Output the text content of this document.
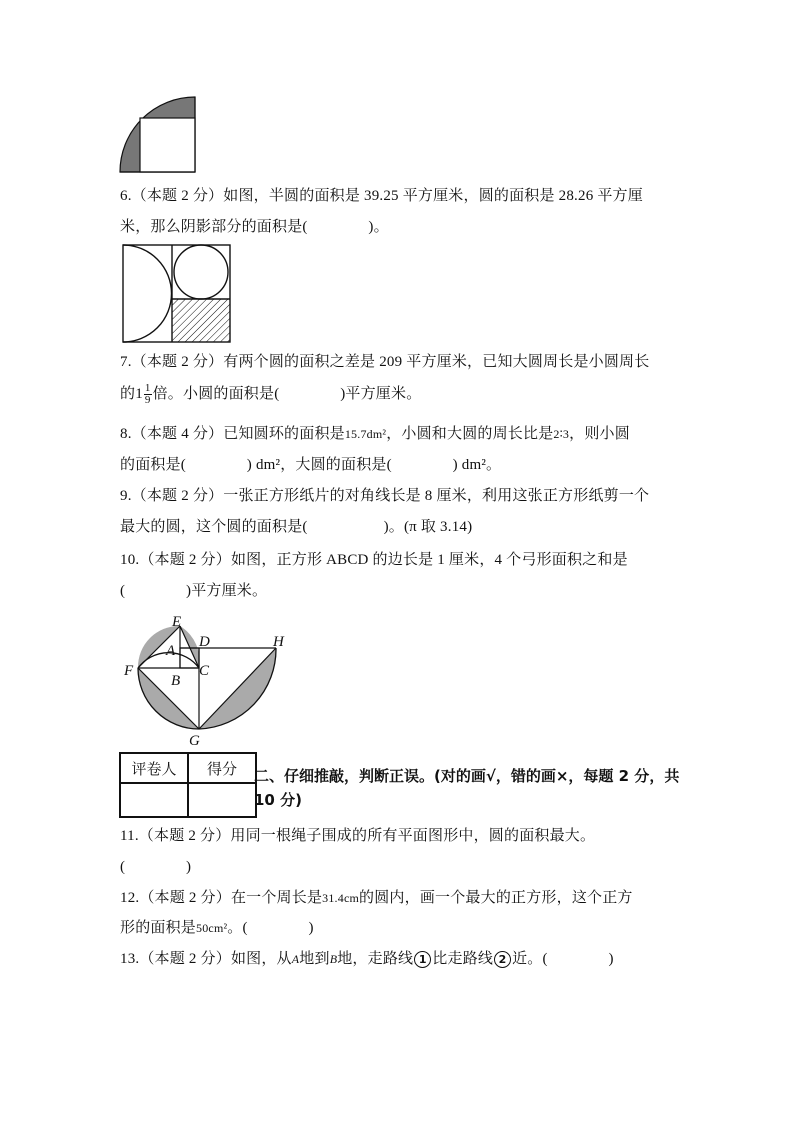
6.（本题 2 分）如图，半圆的面积是 39.25 平方厘米，圆的面积是 28.26 平方厘
米，那么阴影部分的面积是(　　　　)。
7.（本题 2 分）有两个圆的面积之差是 209 平方厘米，已知大圆周长是小圆周长
的$1 \frac{1}{9}$ 倍。小圆的面积是(　　　　)平方厘米。
8.（本题 4 分）已知圆环的面积是15.7dm²，小圆和大圆的周长比是2∶3，则小圆
的面积是(　　　　) dm²，大圆的面积是(　　　　) dm²。
9.（本题 2 分）一张正方形纸片的对角线长是 8 厘米，利用这张正方形纸剪一个
最大的圆，这个圆的面积是(　　　　　)。(π 取 3.14)
10.（本题 2 分）如图，正方形 ABCD 的边长是 1 厘米，4 个弓形面积之和是
(　　　　)平方厘米。
E
D	H
A
F	C
B
G
评卷人	得分
	二、仔细推敲，判断正误。(对的画√，错的画×，每题 2 分，共 10 分)
11.（本题 2 分）用同一根绳子围成的所有平面图形中，圆的面积最大。
(　　　　)
12.（本题 2 分）在一个周长是31.4cm的圆内，画一个最大的正方形，这个正方
形的面积是50cm²。(　　　　)
13.（本题 2 分）如图，从A地到B地，走路线 1 比走路线 2 近。(　　　　)
